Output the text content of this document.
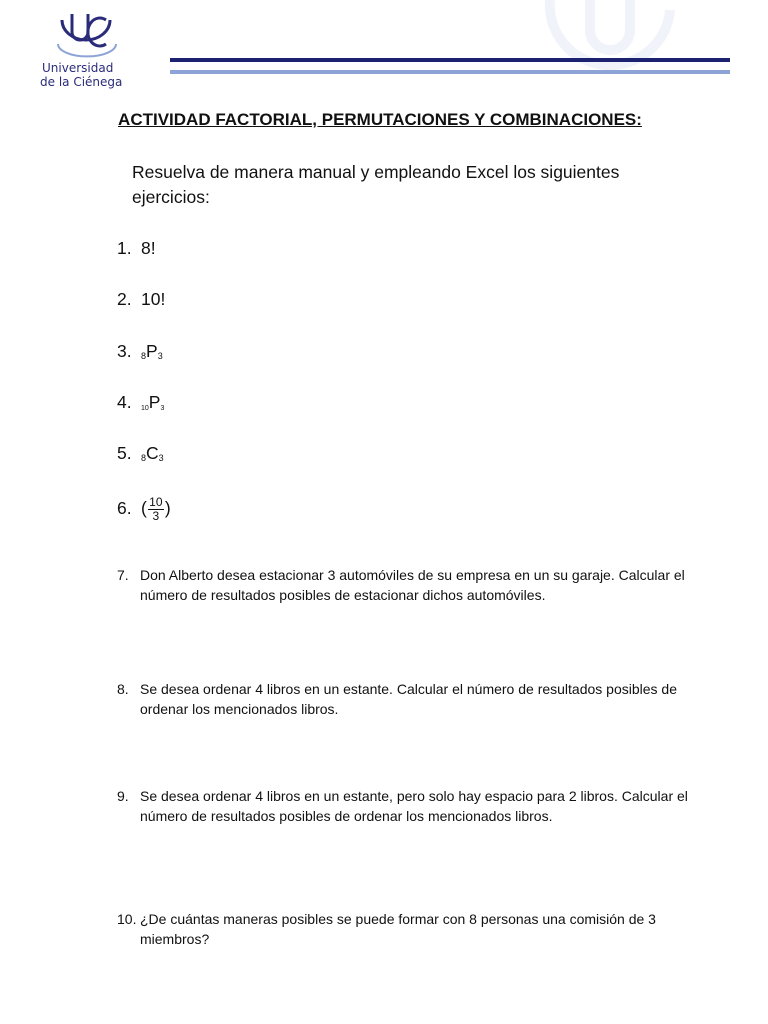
Universidad
de la Ciénega
ACTIVIDAD FACTORIAL, PERMUTACIONES Y COMBINACIONES:
Resuelva de manera manual y empleando Excel los siguientes ejercicios:
1. 8!
2. 10!
3. $_8P_3$
4. $_{10}P_3$
5. $_8C_3$
6. ( $\frac{10}{3}$ )
7. Don Alberto desea estacionar 3 automóviles de su empresa en un su garaje. Calcular el número de resultados posibles de estacionar dichos automóviles.
8. Se desea ordenar 4 libros en un estante. Calcular el número de resultados posibles de ordenar los mencionados libros.
9. Se desea ordenar 4 libros en un estante, pero solo hay espacio para 2 libros. Calcular el número de resultados posibles de ordenar los mencionados libros.
10. ¿De cuántas maneras posibles se puede formar con 8 personas una comisión de 3 miembros?
